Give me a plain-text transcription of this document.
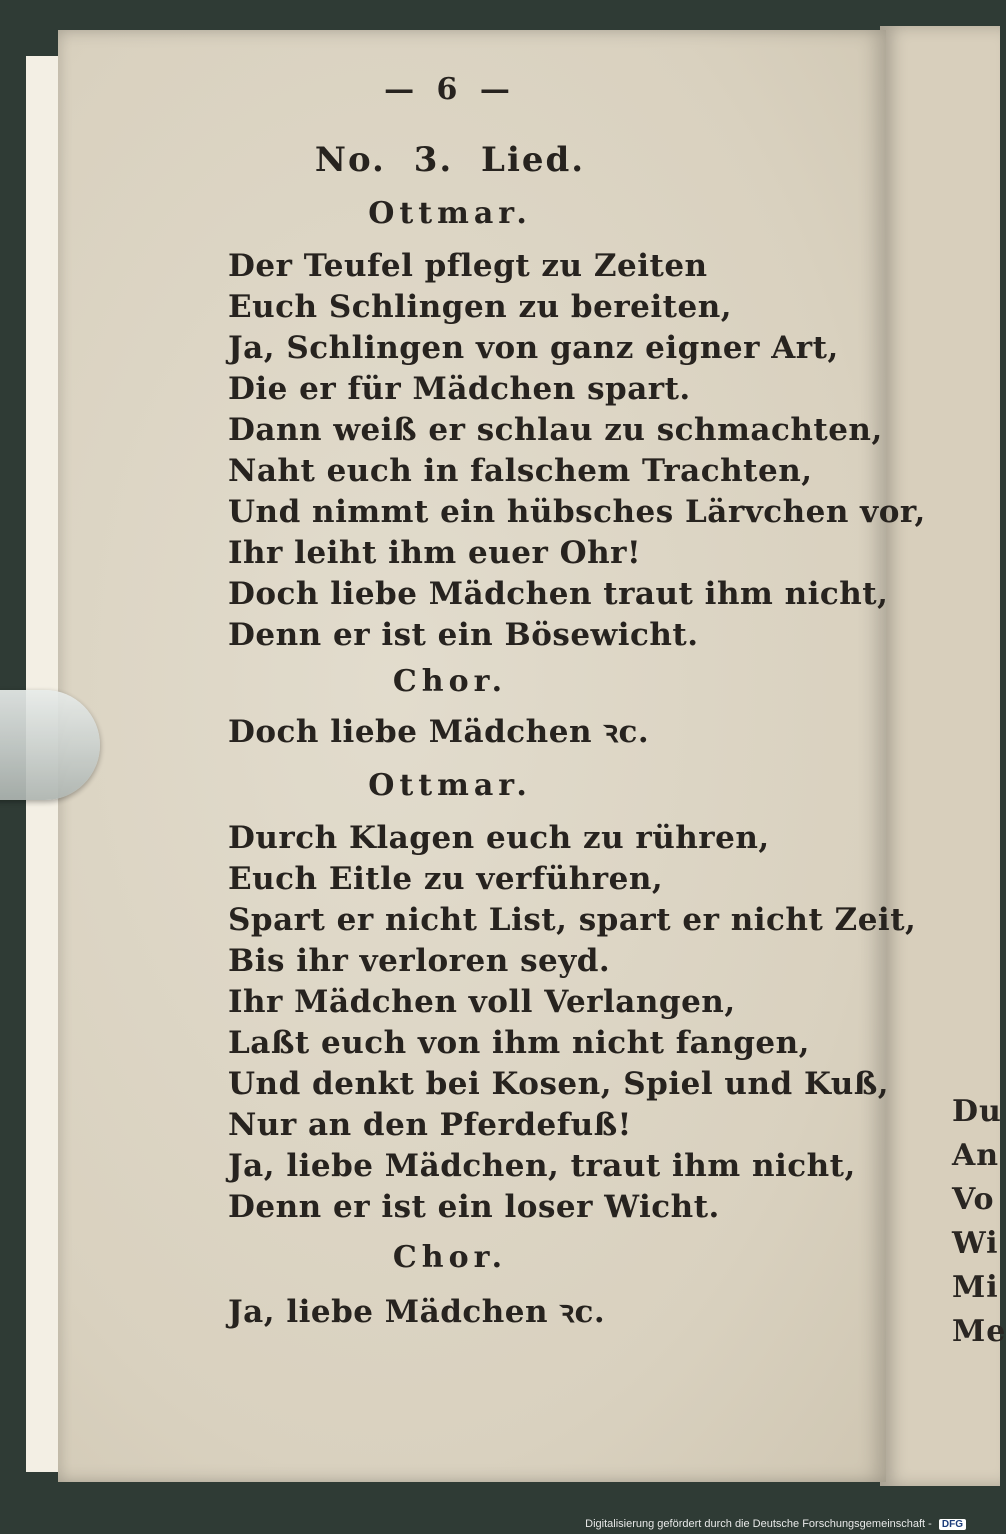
Du
An
Vo
Wi
Mi
Me
— 6 —
No. 3. Lied.
Ottmar.
Der Teufel pflegt zu Zeiten
Euch Schlingen zu bereiten,
Ja, Schlingen von ganz eigner Art,
Die er für Mädchen spart.
Dann weiß er schlau zu schmachten,
Naht euch in falschem Trachten,
Und nimmt ein hübsches Lärvchen vor,
Ihr leiht ihm euer Ohr!
Doch liebe Mädchen traut ihm nicht,
Denn er ist ein Bösewicht.
Chor.
Doch liebe Mädchen ꝛc.
Ottmar.
Durch Klagen euch zu rühren,
Euch Eitle zu verführen,
Spart er nicht List, spart er nicht Zeit,
Bis ihr verloren seyd.
Ihr Mädchen voll Verlangen,
Laßt euch von ihm nicht fangen,
Und denkt bei Kosen, Spiel und Kuß,
Nur an den Pferdefuß!
Ja, liebe Mädchen, traut ihm nicht,
Denn er ist ein loser Wicht.
Chor.
Ja, liebe Mädchen ꝛc.
Digitalisierung gefördert durch die Deutsche Forschungsgemeinschaft - DFG
